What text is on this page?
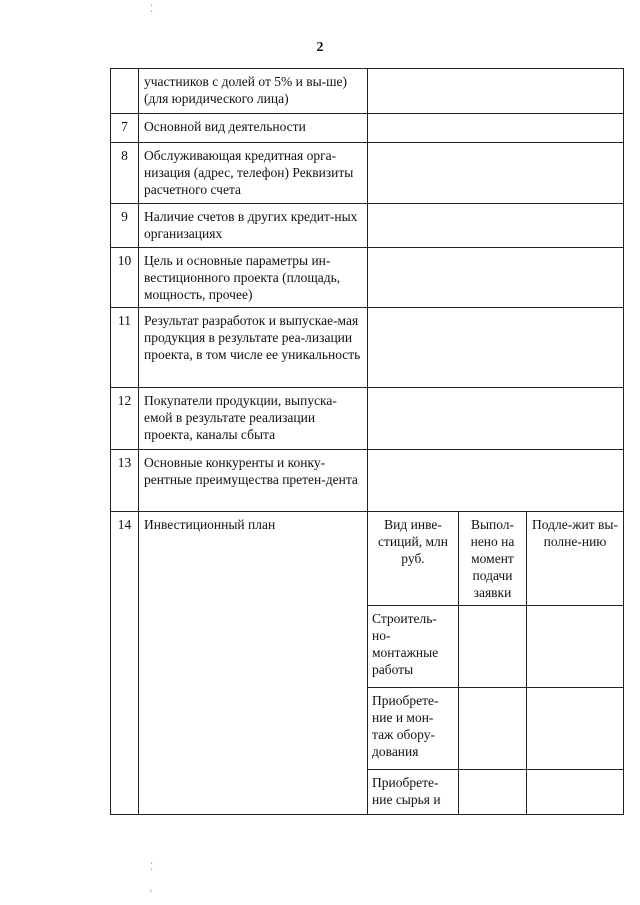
2
	участников с долей от 5% и вы-ше) (для юридического лица)			
7	Основной вид деятельности			
8	Обслуживающая кредитная орга-низация (адрес, телефон) Реквизиты расчетного счета			
9	Наличие счетов в других кредит-ных организациях			
10	Цель и основные параметры ин-вестиционного проекта (площадь, мощность, прочее)			
11	Результат разработок и выпускае-мая продукция в результате реа-лизации проекта, в том числе ее уникальность			
12	Покупатели продукции, выпуска-емой в результате реализации проекта, каналы сбыта			
13	Основные конкуренты и конку-рентные преимущества претен-дента			
14	Инвестиционный план	Вид инве-стиций, млн руб.	Выпол-нено на момент подачи заявки	Подле-жит вы-полне-нию
		Строитель-но-монтажные работы		
		Приобрете-ние и мон-таж обору-дования		
		Приобрете-ние сырья и		
⁚
⁚
ⸯ
